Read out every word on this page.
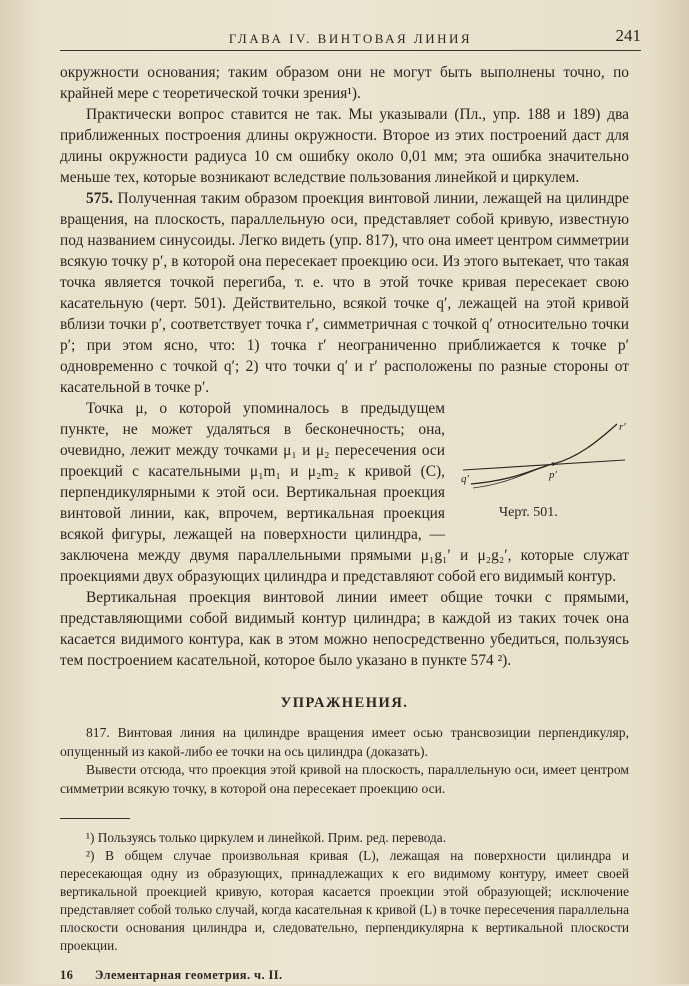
ГЛАВА IV. ВИНТОВАЯ ЛИНИЯ	241

окружности основания; таким образом они не могут быть выполнены точно, по крайней мере с теоретической точки зрения¹).

Практически вопрос ставится не так. Мы указывали (Пл., упр. 188 и 189) два приближенных построения длины окружности. Второе из этих построений даст для длины окружности радиуса 10 см ошибку около 0,01 мм; эта ошибка значительно меньше тех, которые возникают вследствие пользования линейкой и циркулем.

575. Полученная таким образом проекция винтовой линии, лежащей на цилиндре вращения, на плоскость, параллельную оси, представляет собой кривую, известную под названием синусоиды. Легко видеть (упр. 817), что она имеет центром симметрии всякую точку p′, в которой она пересекает проекцию оси. Из этого вытекает, что такая точка является точкой перегиба, т. е. что в этой точке кривая пересекает свою касательную (черт. 501). Действительно, всякой точке q′, лежащей на этой кривой вблизи точки p′, соответствует точка r′, симметричная с точкой q′ относительно точки p′; при этом ясно, что: 1) точка r′ неограниченно приближается к точке p′ одновременно с точкой q′; 2) что точки q′ и r′ расположены по разные стороны от касательной в точке p′.

r′
p′
q′
Черт. 501.

Точка μ, о которой упоминалось в предыдущем пункте, не может удаляться в бесконечность; она, очевидно, лежит между точками μ₁ и μ₂ пересечения оси проекций с касательными μ₁m₁ и μ₂m₂ к кривой (C), перпендикулярными к этой оси. Вертикальная проекция винтовой линии, как, впрочем, вертикальная проекция всякой фигуры, лежащей на поверхности цилиндра, — заключена между двумя параллельными прямыми μ₁g₁′ и μ₂g₂′, которые служат проекциями двух образующих цилиндра и представляют собой его видимый контур.

Вертикальная проекция винтовой линии имеет общие точки с прямыми, представляющими собой видимый контур цилиндра; в каждой из таких точек она касается видимого контура, как в этом можно непосредственно убедиться, пользуясь тем построением касательной, которое было указано в пункте 574 ²).

УПРАЖНЕНИЯ.

817. Винтовая линия на цилиндре вращения имеет осью трансвозиции перпендикуляр, опущенный из какой-либо ее точки на ось цилиндра (доказать).

Вывести отсюда, что проекция этой кривой на плоскость, параллельную оси, имеет центром симметрии всякую точку, в которой она пересекает проекцию оси.

¹) Пользуясь только циркулем и линейкой. Прим. ред. перевода.

²) В общем случае произвольная кривая (L), лежащая на поверхности цилиндра и пересекающая одну из образующих, принадлежащих к его видимому контуру, имеет своей вертикальной проекцией кривую, которая касается проекции этой образующей; исключение представляет собой только случай, когда касательная к кривой (L) в точке пересечения параллельна плоскости основания цилиндра и, следовательно, перпендикулярна к вертикальной плоскости проекции.

16 Элементарная геометрия. ч. II.
